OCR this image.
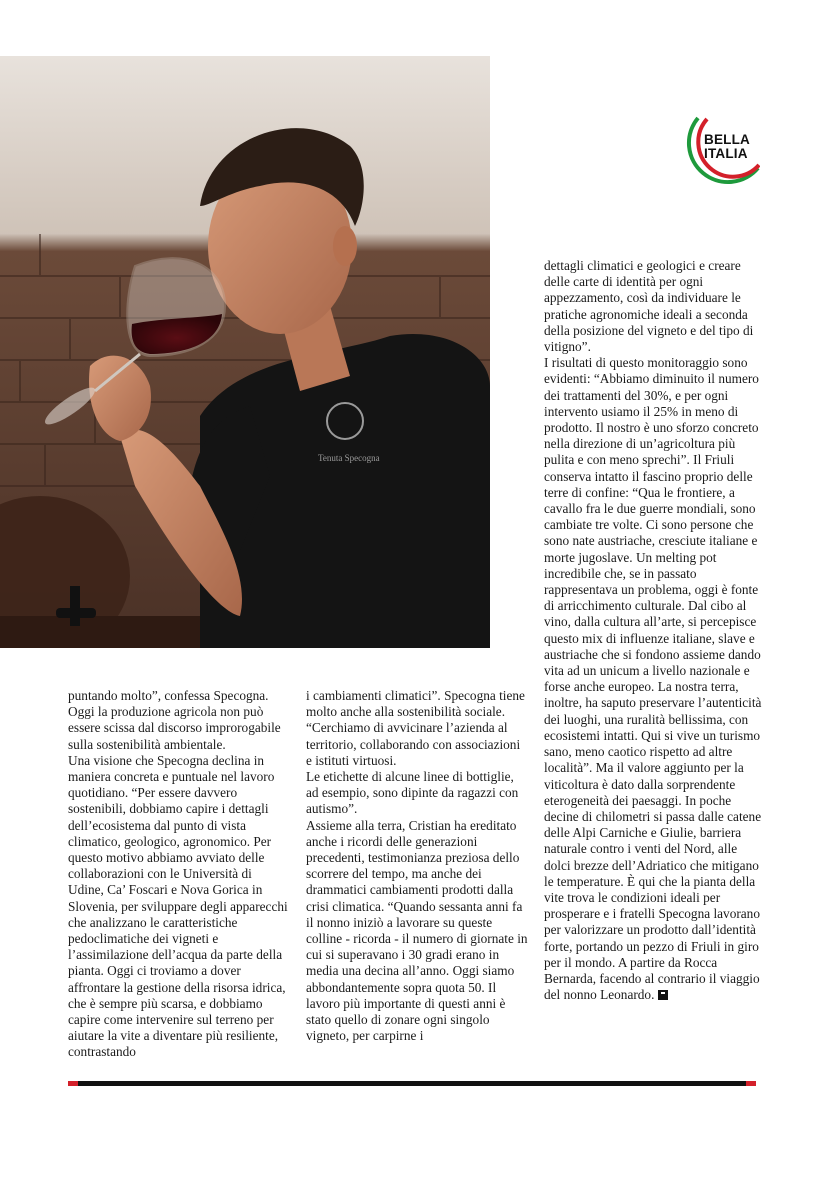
Tenuta Specogna
BELLA
ITALIA
puntando molto”, confessa Specogna.
Oggi la produzione agricola non può essere scissa dal discorso improrogabile sulla sostenibilità ambientale.
Una visione che Specogna declina in maniera concreta e puntuale nel lavoro quotidiano. “Per essere davvero sostenibili, dobbiamo capire i dettagli dell’ecosistema dal punto di vista climatico, geologico, agronomico. Per questo motivo abbiamo avviato delle collaborazioni con le Università di Udine, Ca’ Foscari e Nova Gorica in Slovenia, per sviluppare degli apparecchi che analizzano le caratteristiche pedoclimatiche dei vigneti e l’assimilazione dell’acqua da parte della pianta. Oggi ci troviamo a dover affrontare la gestione della risorsa idrica, che è sempre più scarsa, e dobbiamo capire come intervenire sul terreno per aiutare la vite a diventare più resiliente, contrastando
i cambiamenti climatici”. Specogna tiene molto anche alla sostenibilità sociale. “Cerchiamo di avvicinare l’azienda al territorio, collaborando con associazioni e istituti virtuosi.
Le etichette di alcune linee di bottiglie, ad esempio, sono dipinte da ragazzi con autismo”.
Assieme alla terra, Cristian ha ereditato anche i ricordi delle generazioni precedenti, testimonianza preziosa dello scorrere del tempo, ma anche dei drammatici cambiamenti prodotti dalla crisi climatica. “Quando sessanta anni fa il nonno iniziò a lavorare su queste colline - ricorda - il numero di giornate in cui si superavano i 30 gradi erano in media una decina all’anno. Oggi siamo abbondantemente sopra quota 50. Il lavoro più importante di questi anni è stato quello di zonare ogni singolo vigneto, per carpirne i
dettagli climatici e geologici e creare delle carte di identità per ogni appezzamento, così da individuare le pratiche agronomiche ideali a seconda della posizione del vigneto e del tipo di vitigno”.
I risultati di questo monitoraggio sono evidenti: “Abbiamo diminuito il numero dei trattamenti del 30%, e per ogni intervento usiamo il 25% in meno di prodotto. Il nostro è uno sforzo concreto nella direzione di un’agricoltura più pulita e con meno sprechi”. Il Friuli conserva intatto il fascino proprio delle terre di confine: “Qua le frontiere, a cavallo fra le due guerre mondiali, sono cambiate tre volte. Ci sono persone che sono nate austriache, cresciute italiane e morte jugoslave. Un melting pot incredibile che, se in passato rappresentava un problema, oggi è fonte di arricchimento culturale. Dal cibo al vino, dalla cultura all’arte, si percepisce questo mix di influenze italiane, slave e austriache che si fondono assieme dando vita ad un unicum a livello nazionale e forse anche europeo. La nostra terra, inoltre, ha saputo preservare l’autenticità dei luoghi, una ruralità bellissima, con ecosistemi intatti. Qui si vive un turismo sano, meno caotico rispetto ad altre località”. Ma il valore aggiunto per la viticoltura è dato dalla sorprendente eterogeneità dei paesaggi. In poche decine di chilometri si passa dalle catene delle Alpi Carniche e Giulie, barriera naturale contro i venti del Nord, alle dolci brezze dell’Adriatico che mitigano le temperature. È qui che la pianta della vite trova le condizioni ideali per prosperare e i fratelli Specogna lavorano per valorizzare un prodotto dall’identità forte, portando un pezzo di Friuli in giro per il mondo. A partire da Rocca Bernarda, facendo al contrario il viaggio del nonno Leonardo.
